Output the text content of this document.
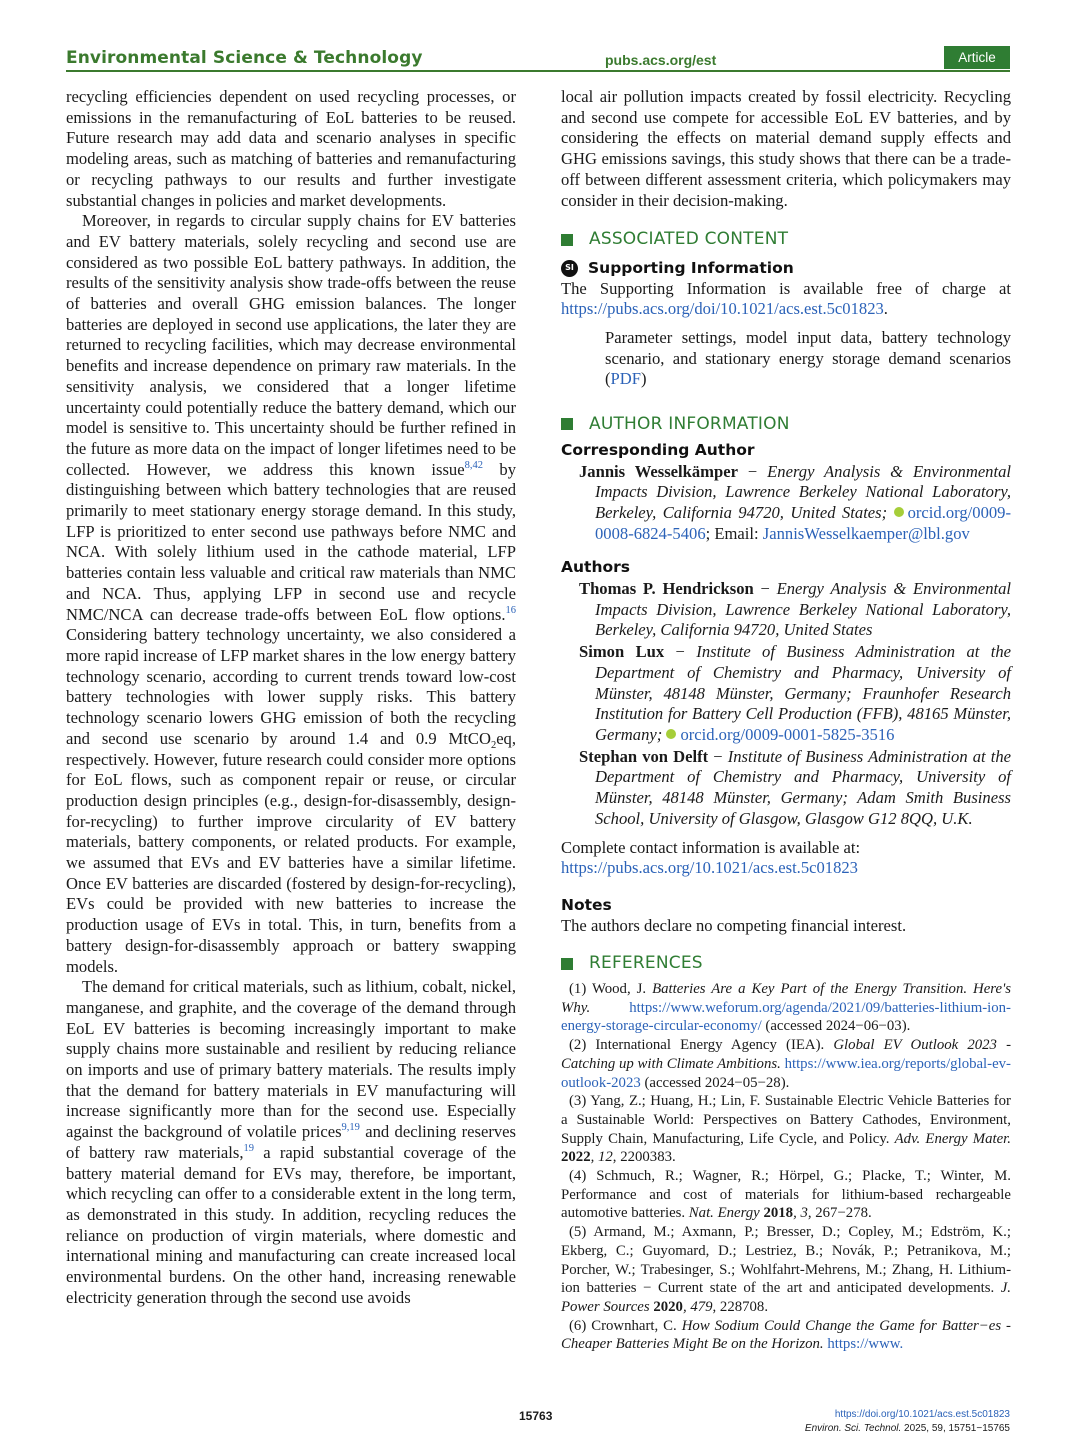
Environmental Science & Technology	pubs.acs.org/est	Article

recycling efficiencies dependent on used recycling processes, or emissions in the remanufacturing of EoL batteries to be reused. Future research may add data and scenario analyses in specific modeling areas, such as matching of batteries and remanufacturing or recycling pathways to our results and further investigate substantial changes in policies and market developments.

Moreover, in regards to circular supply chains for EV batteries and EV battery materials, solely recycling and second use are considered as two possible EoL battery pathways. In addition, the results of the sensitivity analysis show trade-offs between the reuse of batteries and overall GHG emission balances. The longer batteries are deployed in second use applications, the later they are returned to recycling facilities, which may decrease environmental benefits and increase dependence on primary raw materials. In the sensitivity analysis, we considered that a longer lifetime uncertainty could potentially reduce the battery demand, which our model is sensitive to. This uncertainty should be further refined in the future as more data on the impact of longer lifetimes need to be collected. However, we address this known issue$^{8,42}$ by distinguishing between which battery technologies that are reused primarily to meet stationary energy storage demand. In this study, LFP is prioritized to enter second use pathways before NMC and NCA. With solely lithium used in the cathode material, LFP batteries contain less valuable and critical raw materials than NMC and NCA. Thus, applying LFP in second use and recycle NMC/NCA can decrease trade-offs between EoL flow options.$^{16}$ Considering battery technology uncertainty, we also considered a more rapid increase of LFP market shares in the low energy battery technology scenario, according to current trends toward low-cost battery technologies with lower supply risks. This battery technology scenario lowers GHG emission of both the recycling and second use scenario by around 1.4 and 0.9 MtCO$_2$eq, respectively. However, future research could consider more options for EoL flows, such as component repair or reuse, or circular production design principles (e.g., design-for-disassembly, design-for-recycling) to further improve circularity of EV battery materials, battery components, or related products. For example, we assumed that EVs and EV batteries have a similar lifetime. Once EV batteries are discarded (fostered by design-for-recycling), EVs could be provided with new batteries to increase the production usage of EVs in total. This, in turn, benefits from a battery design-for-disassembly approach or battery swapping models.

The demand for critical materials, such as lithium, cobalt, nickel, manganese, and graphite, and the coverage of the demand through EoL EV batteries is becoming increasingly important to make supply chains more sustainable and resilient by reducing reliance on imports and use of primary battery materials. The results imply that the demand for battery materials in EV manufacturing will increase significantly more than for the second use. Especially against the background of volatile prices$^{9,19}$ and declining reserves of battery raw materials,$^{19}$ a rapid substantial coverage of the battery material demand for EVs may, therefore, be important, which recycling can offer to a considerable extent in the long term, as demonstrated in this study. In addition, recycling reduces the reliance on production of virgin materials, where domestic and international mining and manufacturing can create increased local environmental burdens. On the other hand, increasing renewable electricity generation through the second use avoids

local air pollution impacts created by fossil electricity. Recycling and second use compete for accessible EoL EV batteries, and by considering the effects on material demand supply effects and GHG emissions savings, this study shows that there can be a trade-off between different assessment criteria, which policymakers may consider in their decision-making.

ASSOCIATED CONTENT
SI Supporting Information

The Supporting Information is available free of charge at https://pubs.acs.org/doi/10.1021/acs.est.5c01823.

Parameter settings, model input data, battery technology scenario, and stationary energy storage demand scenarios (PDF)

AUTHOR INFORMATION
Corresponding Author

Jannis Wesselkämper − Energy Analysis & Environmental Impacts Division, Lawrence Berkeley National Laboratory, Berkeley, California 94720, United States; orcid.org/0009-0008-6824-5406; Email: JannisWesselkaemper@lbl.gov

Authors

Thomas P. Hendrickson − Energy Analysis & Environmental Impacts Division, Lawrence Berkeley National Laboratory, Berkeley, California 94720, United States

Simon Lux − Institute of Business Administration at the Department of Chemistry and Pharmacy, University of Münster, 48148 Münster, Germany; Fraunhofer Research Institution for Battery Cell Production (FFB), 48165 Münster, Germany; orcid.org/0009-0001-5825-3516

Stephan von Delft − Institute of Business Administration at the Department of Chemistry and Pharmacy, University of Münster, 48148 Münster, Germany; Adam Smith Business School, University of Glasgow, Glasgow G12 8QQ, U.K.

Complete contact information is available at:

https://pubs.acs.org/10.1021/acs.est.5c01823

Notes

The authors declare no competing financial interest.

REFERENCES

(1) Wood, J. Batteries Are a Key Part of the Energy Transition. Here's Why.	https://www.weforum.org/agenda/2021/09/batteries-lithium-ion-energy-storage-circular-economy/ (accessed 2024−06−03).

(2) International Energy Agency (IEA). Global EV Outlook 2023 - Catching up with Climate Ambitions. https://www.iea.org/reports/global-ev-outlook-2023 (accessed 2024−05−28).

(3) Yang, Z.; Huang, H.; Lin, F. Sustainable Electric Vehicle Batteries for a Sustainable World: Perspectives on Battery Cathodes, Environment, Supply Chain, Manufacturing, Life Cycle, and Policy. Adv. Energy Mater. 2022, 12, 2200383.

(4) Schmuch, R.; Wagner, R.; Hörpel, G.; Placke, T.; Winter, M. Performance and cost of materials for lithium-based rechargeable automotive batteries. Nat. Energy 2018, 3, 267−278.

(5) Armand, M.; Axmann, P.; Bresser, D.; Copley, M.; Edström, K.; Ekberg, C.; Guyomard, D.; Lestriez, B.; Novák, P.; Petranikova, M.; Porcher, W.; Trabesinger, S.; Wohlfahrt-Mehrens, M.; Zhang, H. Lithium-ion batteries − Current state of the art and anticipated developments. J. Power Sources 2020, 479, 228708.

(6) Crownhart, C. How Sodium Could Change the Game for Batter−es - Cheaper Batteries Might Be on the Horizon. https://www.

15763	https://doi.org/10.1021/acs.est.5c01823
Environ. Sci. Technol. 2025, 59, 15751−15765
